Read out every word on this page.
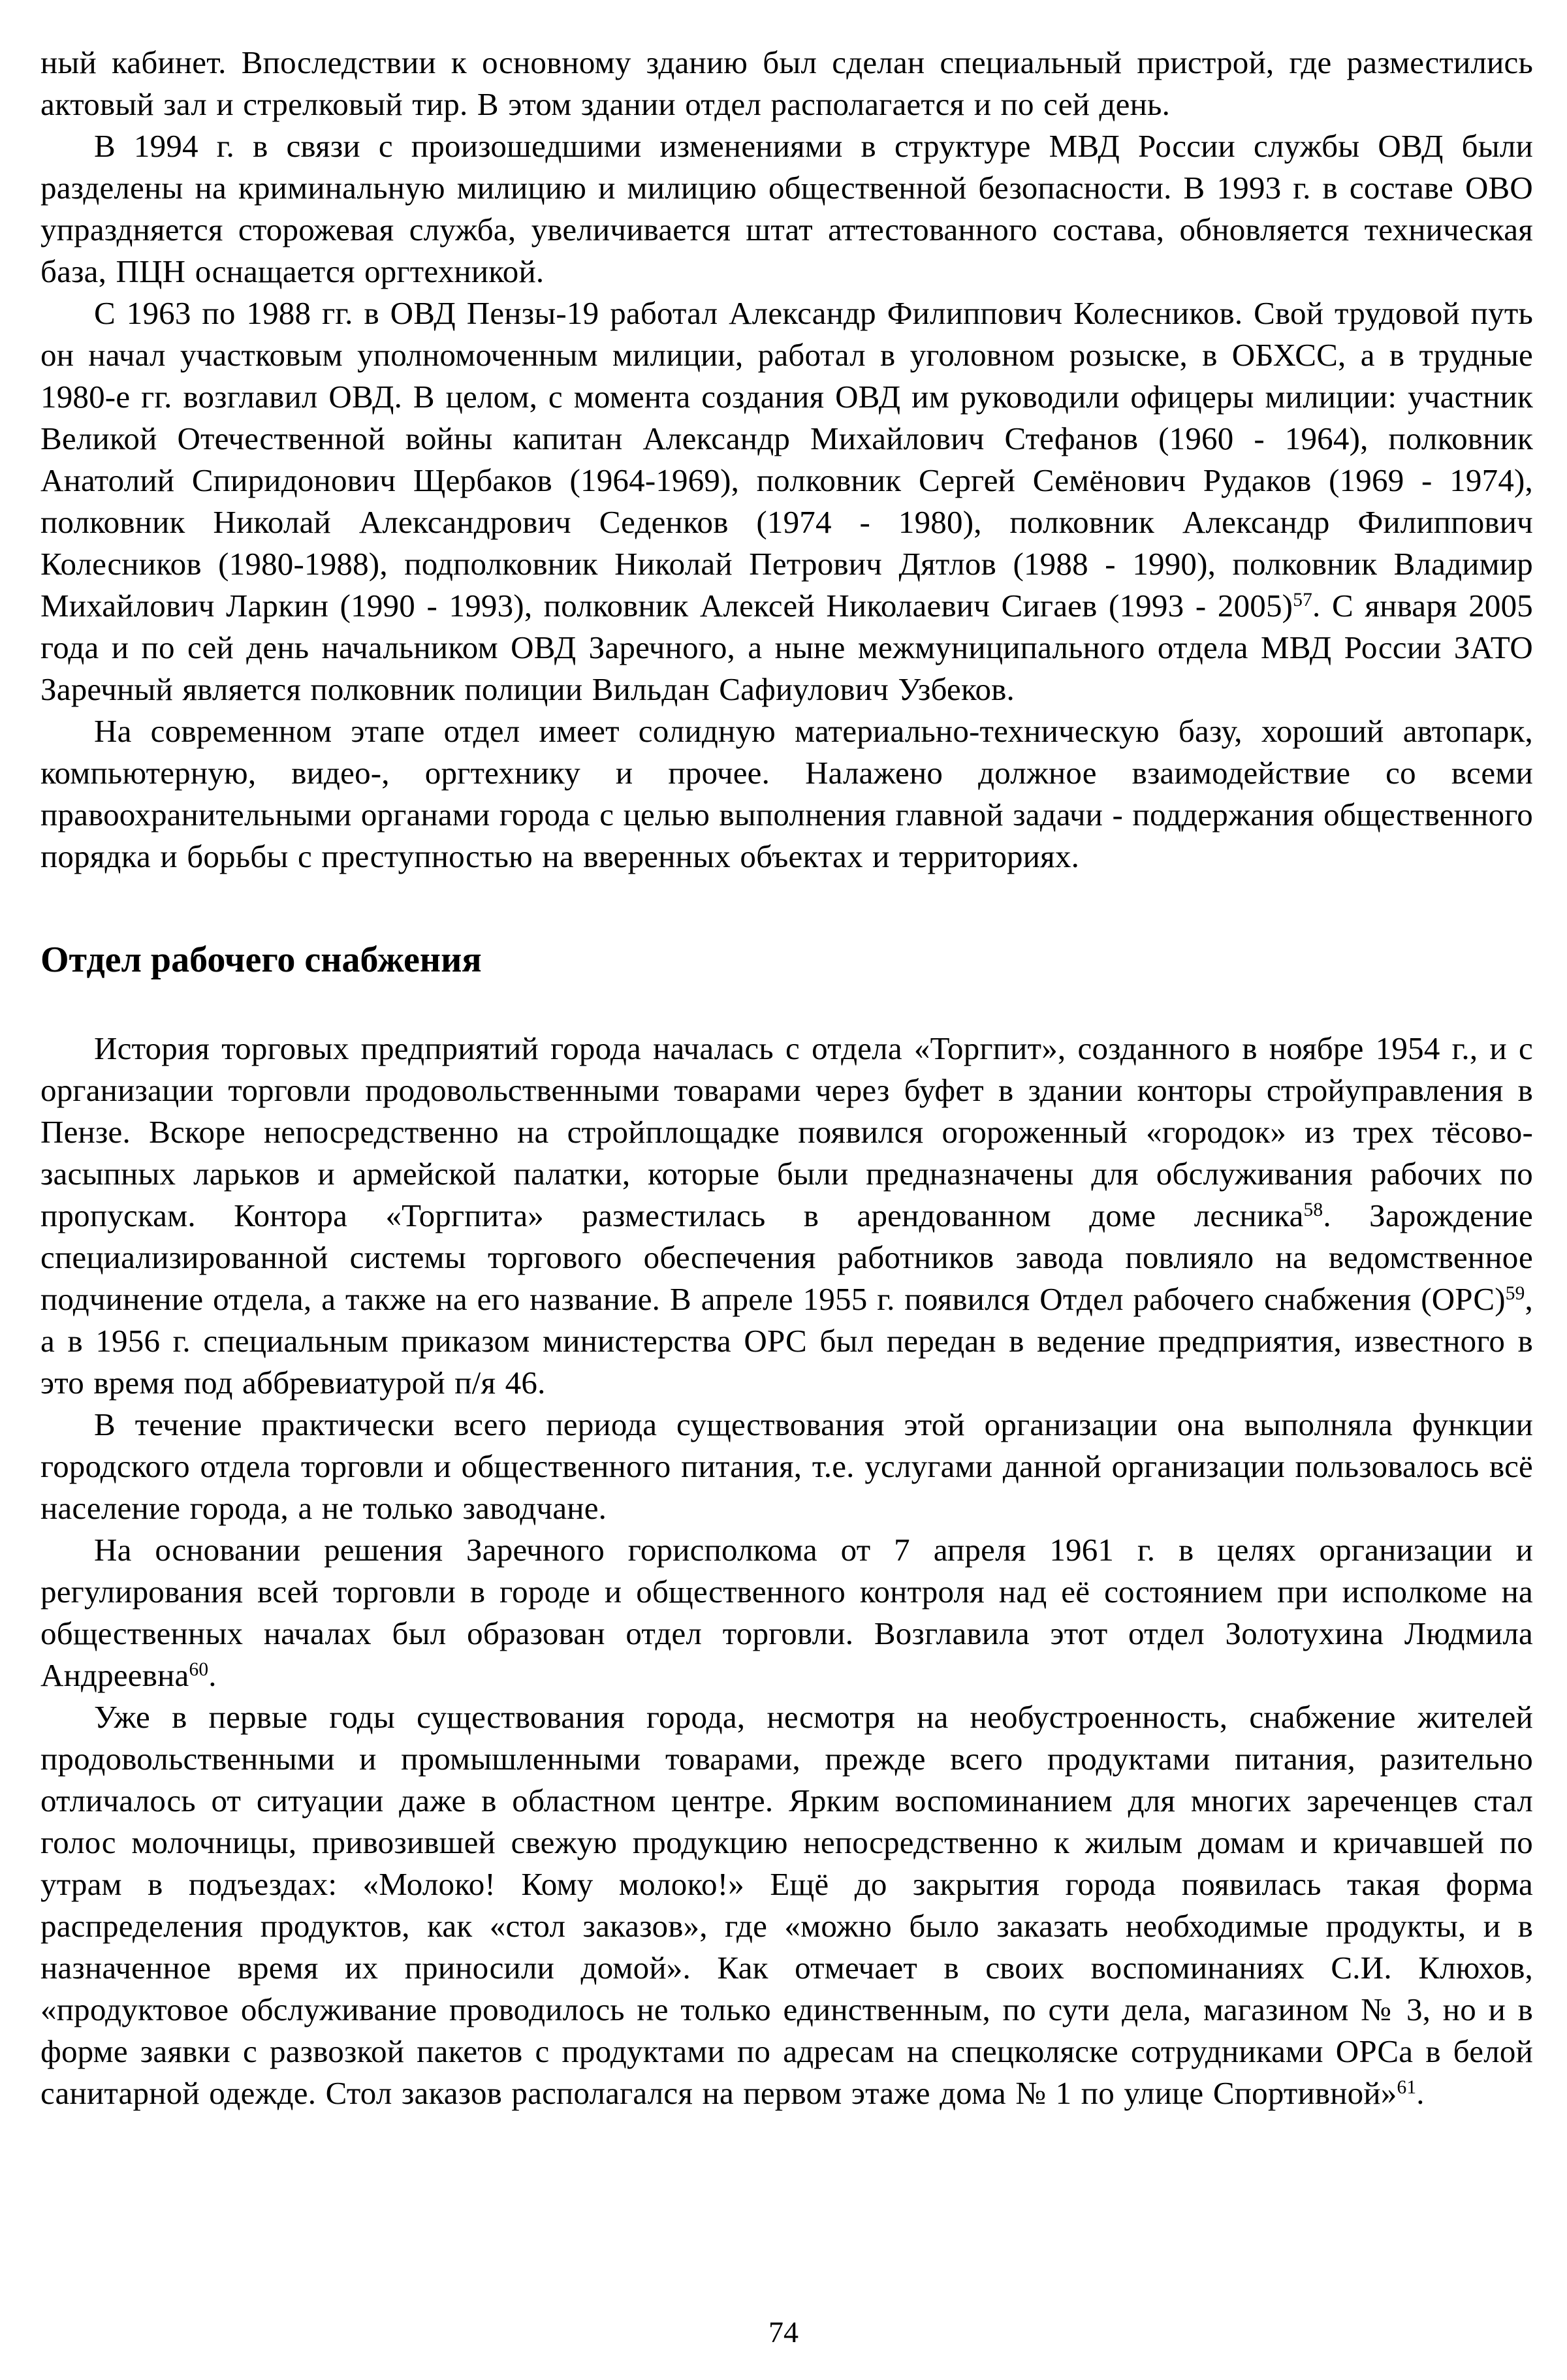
ный кабинет. Впоследствии к основному зданию был сделан специальный пристрой, где разместились актовый зал и стрелковый тир. В этом здании отдел располагается и по сей день.

В 1994 г. в связи с произошедшими изменениями в структуре МВД России службы ОВД были разделены на криминальную милицию и милицию общественной безопасности. В 1993 г. в составе ОВО упраздняется сторожевая служба, увеличивается штат аттестованного состава, обновляется техническая база, ПЦН оснащается оргтехникой.

С 1963 по 1988 гг. в ОВД Пензы-19 работал Александр Филиппович Колесников. Свой трудовой путь он начал участковым уполномоченным милиции, работал в уголовном розыске, в ОБХСС, а в трудные 1980-е гг. возглавил ОВД. В целом, с момента создания ОВД им руководили офицеры милиции: участник Великой Отечественной войны капитан Александр Михайлович Стефанов (1960 - 1964), полковник Анатолий Спиридонович Щербаков (1964-1969), полковник Сергей Семёнович Рудаков (1969 - 1974), полковник Николай Александрович Седенков (1974 - 1980), полковник Александр Филиппович Колесников (1980-1988), подполковник Николай Петрович Дятлов (1988 - 1990), полковник Владимир Михайлович Ларкин (1990 - 1993), полковник Алексей Николаевич Сигаев (1993 - 2005)$^{57}$. С января 2005 года и по сей день начальником ОВД Заречного, а ныне межмуниципального отдела МВД России ЗАТО Заречный является полковник полиции Вильдан Сафиулович Узбеков.

На современном этапе отдел имеет солидную материально-техническую базу, хороший автопарк, компьютерную, видео-, оргтехнику и прочее. Налажено должное взаимодействие со всеми правоохранительными органами города с целью выполнения главной задачи - поддержания общественного порядка и борьбы с преступностью на вверенных объектах и территориях.

Отдел рабочего снабжения

История торговых предприятий города началась с отдела «Торгпит», созданного в ноябре 1954 г., и с организации торговли продовольственными товарами через буфет в здании конторы стройуправления в Пензе. Вскоре непосредственно на стройплощадке появился огороженный «городок» из трех тёсово-засыпных ларьков и армейской палатки, которые были предназначены для обслуживания рабочих по пропускам. Контора «Торгпита» разместилась в арендованном доме лесника$^{58}$. Зарождение специализированной системы торгового обеспечения работников завода повлияло на ведомственное подчинение отдела, а также на его название. В апреле 1955 г. появился Отдел рабочего снабжения (ОРС)$^{59}$, а в 1956 г. специальным приказом министерства ОРС был передан в ведение предприятия, известного в это время под аббревиатурой п/я 46.

В течение практически всего периода существования этой организации она выполняла функции городского отдела торговли и общественного питания, т.е. услугами данной организации пользовалось всё население города, а не только заводчане.

На основании решения Заречного горисполкома от 7 апреля 1961 г. в целях организации и регулирования всей торговли в городе и общественного контроля над её состоянием при исполкоме на общественных началах был образован отдел торговли. Возглавила этот отдел Золотухина Людмила Андреевна$^{60}$.

Уже в первые годы существования города, несмотря на необустроенность, снабжение жителей продовольственными и промышленными товарами, прежде всего продуктами питания, разительно отличалось от ситуации даже в областном центре. Ярким воспоминанием для многих зареченцев стал голос молочницы, привозившей свежую продукцию непосредственно к жилым домам и кричавшей по утрам в подъездах: «Молоко! Кому молоко!» Ещё до закрытия города появилась такая форма распределения продуктов, как «стол заказов», где «можно было заказать необходимые продукты, и в назначенное время их приносили домой». Как отмечает в своих воспоминаниях С.И. Клюхов, «продуктовое обслуживание проводилось не только единственным, по сути дела, магазином № 3, но и в форме заявки с развозкой пакетов с продуктами по адресам на спецколяске сотрудниками ОРСа в белой санитарной одежде. Стол заказов располагался на первом этаже дома № 1 по улице Спортивной»$^{61}$.

74
